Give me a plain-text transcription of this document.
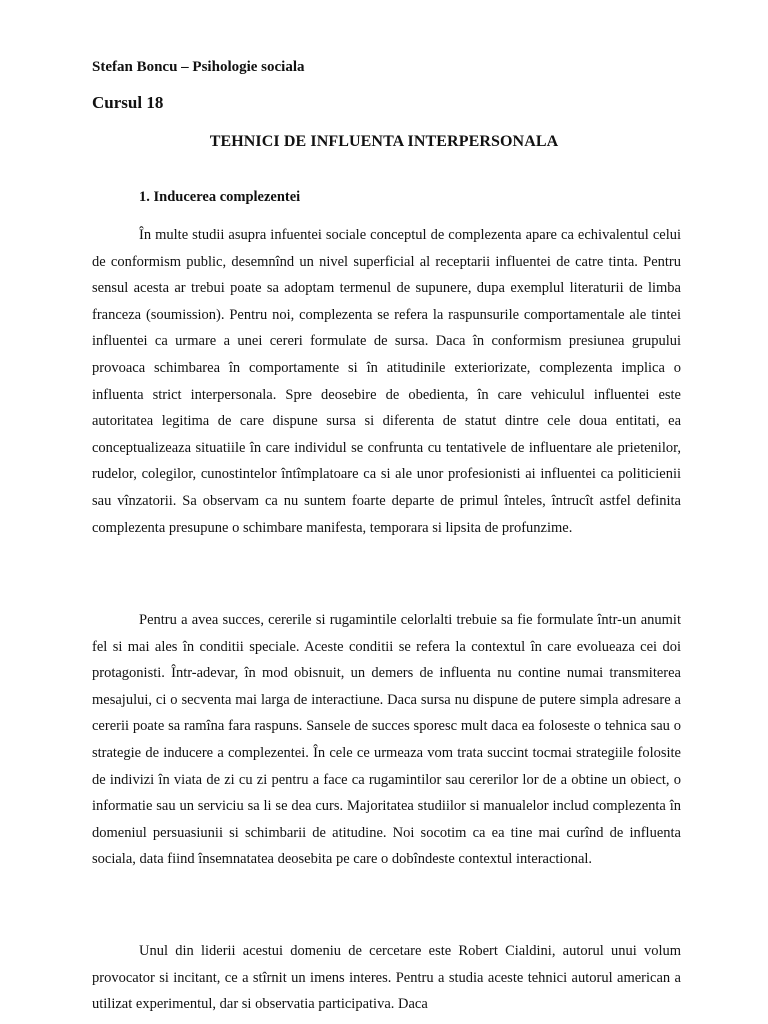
Stefan Boncu – Psihologie sociala
Cursul 18
TEHNICI DE INFLUENTA INTERPERSONALA
1. Inducerea complezentei

În multe studii asupra infuentei sociale conceptul de complezenta apare ca echivalentul celui de conformism public, desemnînd un nivel superficial al receptarii influentei de catre tinta. Pentru sensul acesta ar trebui poate sa adoptam termenul de supunere, dupa exemplul literaturii de limba franceza (soumission). Pentru noi, complezenta se refera la raspunsurile comportamentale ale tintei influentei ca urmare a unei cereri formulate de sursa. Daca în conformism presiunea grupului provoaca schimbarea în comportamente si în atitudinile exteriorizate, complezenta implica o influenta strict interpersonala. Spre deosebire de obedienta, în care vehiculul influentei este autoritatea legitima de care dispune sursa si diferenta de statut dintre cele doua entitati, ea conceptualizeaza situatiile în care individul se confrunta cu tentativele de influentare ale prietenilor, rudelor, colegilor, cunostintelor întîmplatoare ca si ale unor profesionisti ai influentei ca politicienii sau vînzatorii. Sa observam ca nu suntem foarte departe de primul înteles, întrucît astfel definita complezenta presupune o schimbare manifesta, temporara si lipsita de profunzime.

Pentru a avea succes, cererile si rugamintile celorlalti trebuie sa fie formulate într-un anumit fel si mai ales în conditii speciale. Aceste conditii se refera la contextul în care evolueaza cei doi protagonisti. Într-adevar, în mod obisnuit, un demers de influenta nu contine numai transmiterea mesajului, ci o secventa mai larga de interactiune. Daca sursa nu dispune de putere simpla adresare a cererii poate sa ramîna fara raspuns. Sansele de succes sporesc mult daca ea foloseste o tehnica sau o strategie de inducere a complezentei. În cele ce urmeaza vom trata succint tocmai strategiile folosite de indivizi în viata de zi cu zi pentru a face ca rugamintilor sau cererilor lor de a obtine un obiect, o informatie sau un serviciu sa li se dea curs. Majoritatea studiilor si manualelor includ complezenta în domeniul persuasiunii si schimbarii de atitudine. Noi socotim ca ea tine mai curînd de influenta sociala, data fiind însemnatatea deosebita pe care o dobîndeste contextul interactional.

Unul din liderii acestui domeniu de cercetare este Robert Cialdini, autorul unui volum provocator si incitant, ce a stîrnit un imens interes. Pentru a studia aceste tehnici autorul american a utilizat experimentul, dar si observatia participativa. Daca
